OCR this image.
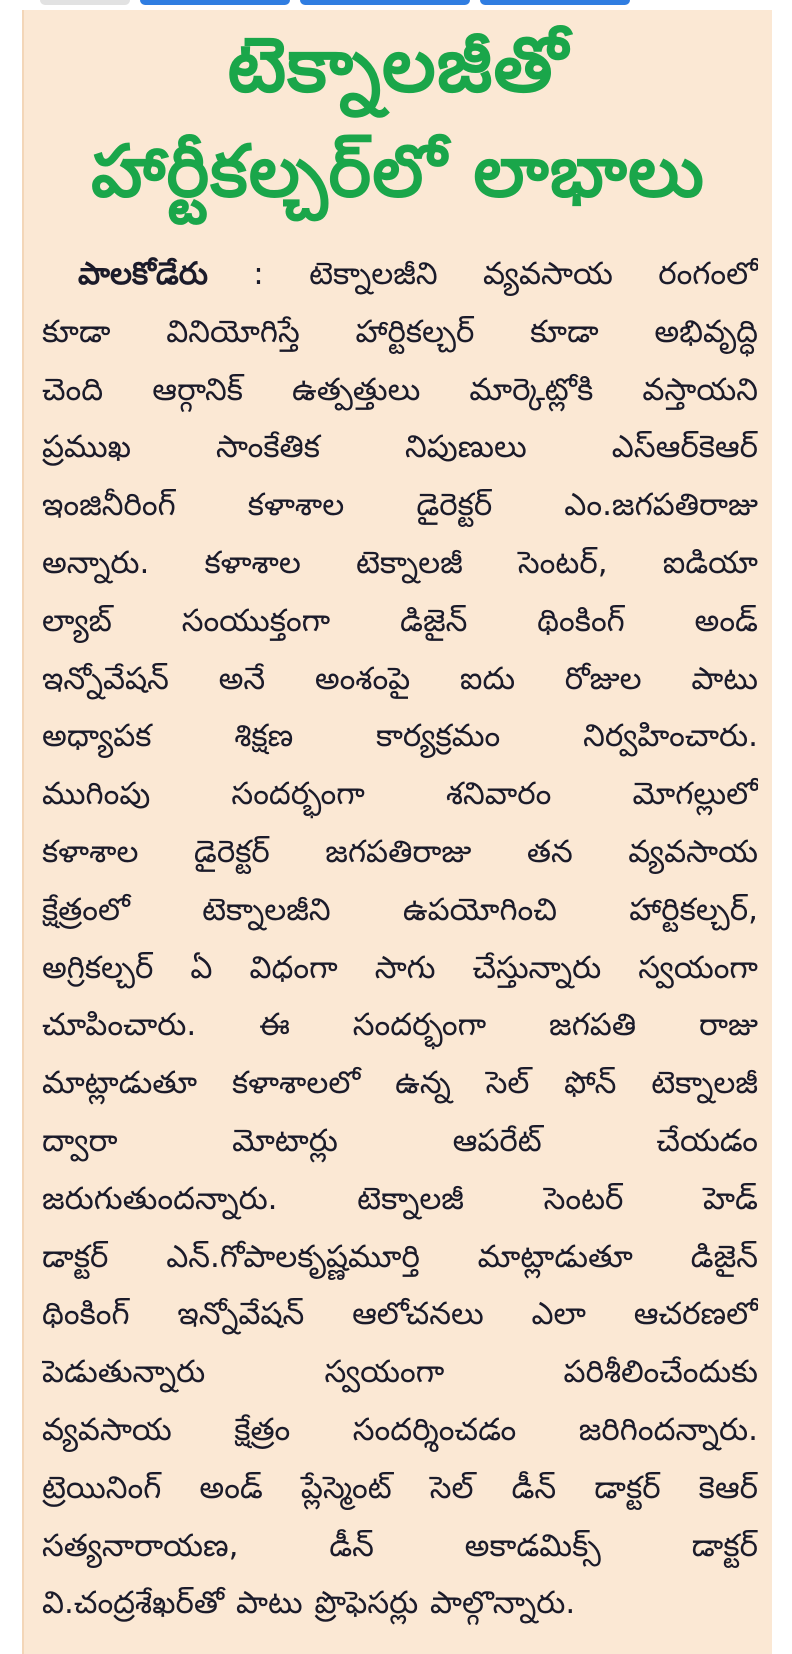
టెక్నాలజీతో
హార్టీకల్చర్‌లో లాభాలు
పాలకోడేరు : టెక్నాలజీని వ్యవసాయ రంగంలో
కూడా వినియోగిస్తే హార్టికల్చర్ కూడా అభివృద్ధి
చెంది ఆర్గానిక్ ఉత్పత్తులు మార్కెట్లోకి వస్తాయని
ప్రముఖ సాంకేతిక నిపుణులు ఎస్ఆర్‌కెఆర్
ఇంజినీరింగ్ కళాశాల డైరెక్టర్ ఎం.జగపతిరాజు
అన్నారు. కళాశాల టెక్నాలజీ సెంటర్, ఐడియా
ల్యాబ్ సంయుక్తంగా డిజైన్ థింకింగ్ అండ్
ఇన్నోవేషన్ అనే అంశంపై ఐదు రోజుల పాటు
అధ్యాపక శిక్షణ కార్యక్రమం నిర్వహించారు.
ముగింపు సందర్భంగా శనివారం మోగల్లులో
కళాశాల డైరెక్టర్ జగపతిరాజు తన వ్యవసాయ
క్షేత్రంలో టెక్నాలజీని ఉపయోగించి హార్టికల్చర్,
అగ్రికల్చర్ ఏ విధంగా సాగు చేస్తున్నారు స్వయంగా
చూపించారు. ఈ సందర్భంగా జగపతి రాజు
మాట్లాడుతూ కళాశాలలో ఉన్న సెల్ ఫోన్ టెక్నాలజీ
ద్వారా మోటార్లు ఆపరేట్ చేయడం
జరుగుతుందన్నారు. టెక్నాలజీ సెంటర్ హెడ్
డాక్టర్ ఎన్.గోపాలకృష్ణమూర్తి మాట్లాడుతూ డిజైన్
థింకింగ్ ఇన్నోవేషన్ ఆలోచనలు ఎలా ఆచరణలో
పెడుతున్నారు స్వయంగా పరిశీలించేందుకు
వ్యవసాయ క్షేత్రం సందర్శించడం జరిగిందన్నారు.
ట్రెయినింగ్ అండ్ ప్లేస్మెంట్ సెల్ డీన్ డాక్టర్ కెఆర్
సత్యనారాయణ, డీన్ అకాడమిక్స్ డాక్టర్
వి.చంద్రశేఖర్‌తో పాటు ప్రొఫెసర్లు పాల్గొన్నారు.
